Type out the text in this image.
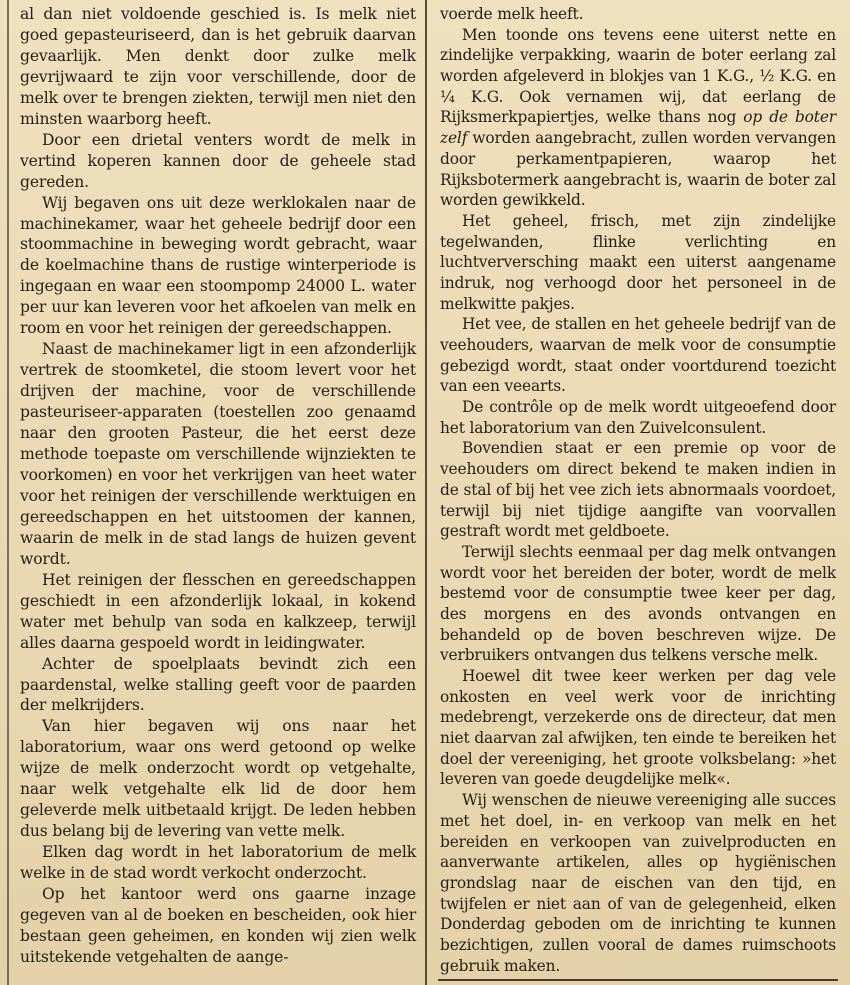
al dan niet voldoende geschied is. Is melk niet goed gepasteuriseerd, dan is het gebruik daarvan gevaarlijk. Men denkt door zulke melk gevrijwaard te zijn voor verschillende, door de melk over te brengen ziekten, terwijl men niet den minsten waarborg heeft.

Door een drietal venters wordt de melk in vertind koperen kannen door de geheele stad gereden.

Wij begaven ons uit deze werklokalen naar de machinekamer, waar het geheele bedrijf door een stoommachine in beweging wordt gebracht, waar de koelmachine thans de rustige winterperiode is ingegaan en waar een stoompomp 24000 L. water per uur kan leveren voor het afkoelen van melk en room en voor het reinigen der gereedschappen.

Naast de machinekamer ligt in een afzonderlijk vertrek de stoomketel, die stoom levert voor het drijven der machine, voor de verschillende pasteuriseer-apparaten (toestellen zoo genaamd naar den grooten Pasteur, die het eerst deze methode toepaste om verschillende wijnziekten te voorkomen) en voor het verkrijgen van heet water voor het reinigen der verschillende werktuigen en gereedschappen en het uitstoomen der kannen, waarin de melk in de stad langs de huizen gevent wordt.

Het reinigen der flesschen en gereedschappen geschiedt in een afzonderlijk lokaal, in kokend water met behulp van soda en kalkzeep, terwijl alles daarna gespoeld wordt in leidingwater.

Achter de spoelplaats bevindt zich een paardenstal, welke stalling geeft voor de paarden der melkrijders.

Van hier begaven wij ons naar het laboratorium, waar ons werd getoond op welke wijze de melk onderzocht wordt op vetgehalte, naar welk vetgehalte elk lid de door hem geleverde melk uitbetaald krijgt. De leden hebben dus belang bij de levering van vette melk.

Elken dag wordt in het laboratorium de melk welke in de stad wordt verkocht onderzocht.

Op het kantoor werd ons gaarne inzage gegeven van al de boeken en bescheiden, ook hier bestaan geen geheimen, en konden wij zien welk uitstekende vetgehalten de aange-

voerde melk heeft.

Men toonde ons tevens eene uiterst nette en zindelijke verpakking, waarin de boter eerlang zal worden afgeleverd in blokjes van 1 K.G., ½ K.G. en ¼ K.G. Ook vernamen wij, dat eerlang de Rijksmerkpapiertjes, welke thans nog op de boter zelf worden aangebracht, zullen worden vervangen door perkamentpapieren, waarop het Rijksbotermerk aangebracht is, waarin de boter zal worden gewikkeld.

Het geheel, frisch, met zijn zindelijke tegelwanden, flinke verlichting en luchtverversching maakt een uiterst aangename indruk, nog verhoogd door het personeel in de melkwitte pakjes.

Het vee, de stallen en het geheele bedrijf van de veehouders, waarvan de melk voor de consumptie gebezigd wordt, staat onder voortdurend toezicht van een veearts.

De contrôle op de melk wordt uitgeoefend door het laboratorium van den Zuivelconsulent.

Bovendien staat er een premie op voor de veehouders om direct bekend te maken indien in de stal of bij het vee zich iets abnormaals voordoet, terwijl bij niet tijdige aangifte van voorvallen gestraft wordt met geldboete.

Terwijl slechts eenmaal per dag melk ontvangen wordt voor het bereiden der boter, wordt de melk bestemd voor de consumptie twee keer per dag, des morgens en des avonds ontvangen en behandeld op de boven beschreven wijze. De verbruikers ontvangen dus telkens versche melk.

Hoewel dit twee keer werken per dag vele onkosten en veel werk voor de inrichting medebrengt, verzekerde ons de directeur, dat men niet daarvan zal afwijken, ten einde te bereiken het doel der vereeniging, het groote volksbelang: »het leveren van goede deugdelijke melk«.

Wij wenschen de nieuwe vereeniging alle succes met het doel, in- en verkoop van melk en het bereiden en verkoopen van zuivelproducten en aanverwante artikelen, alles op hygiënischen grondslag naar de eischen van den tijd, en twijfelen er niet aan of van de gelegenheid, elken Donderdag geboden om de inrichting te kunnen bezichtigen, zullen vooral de dames ruimschoots gebruik maken.
